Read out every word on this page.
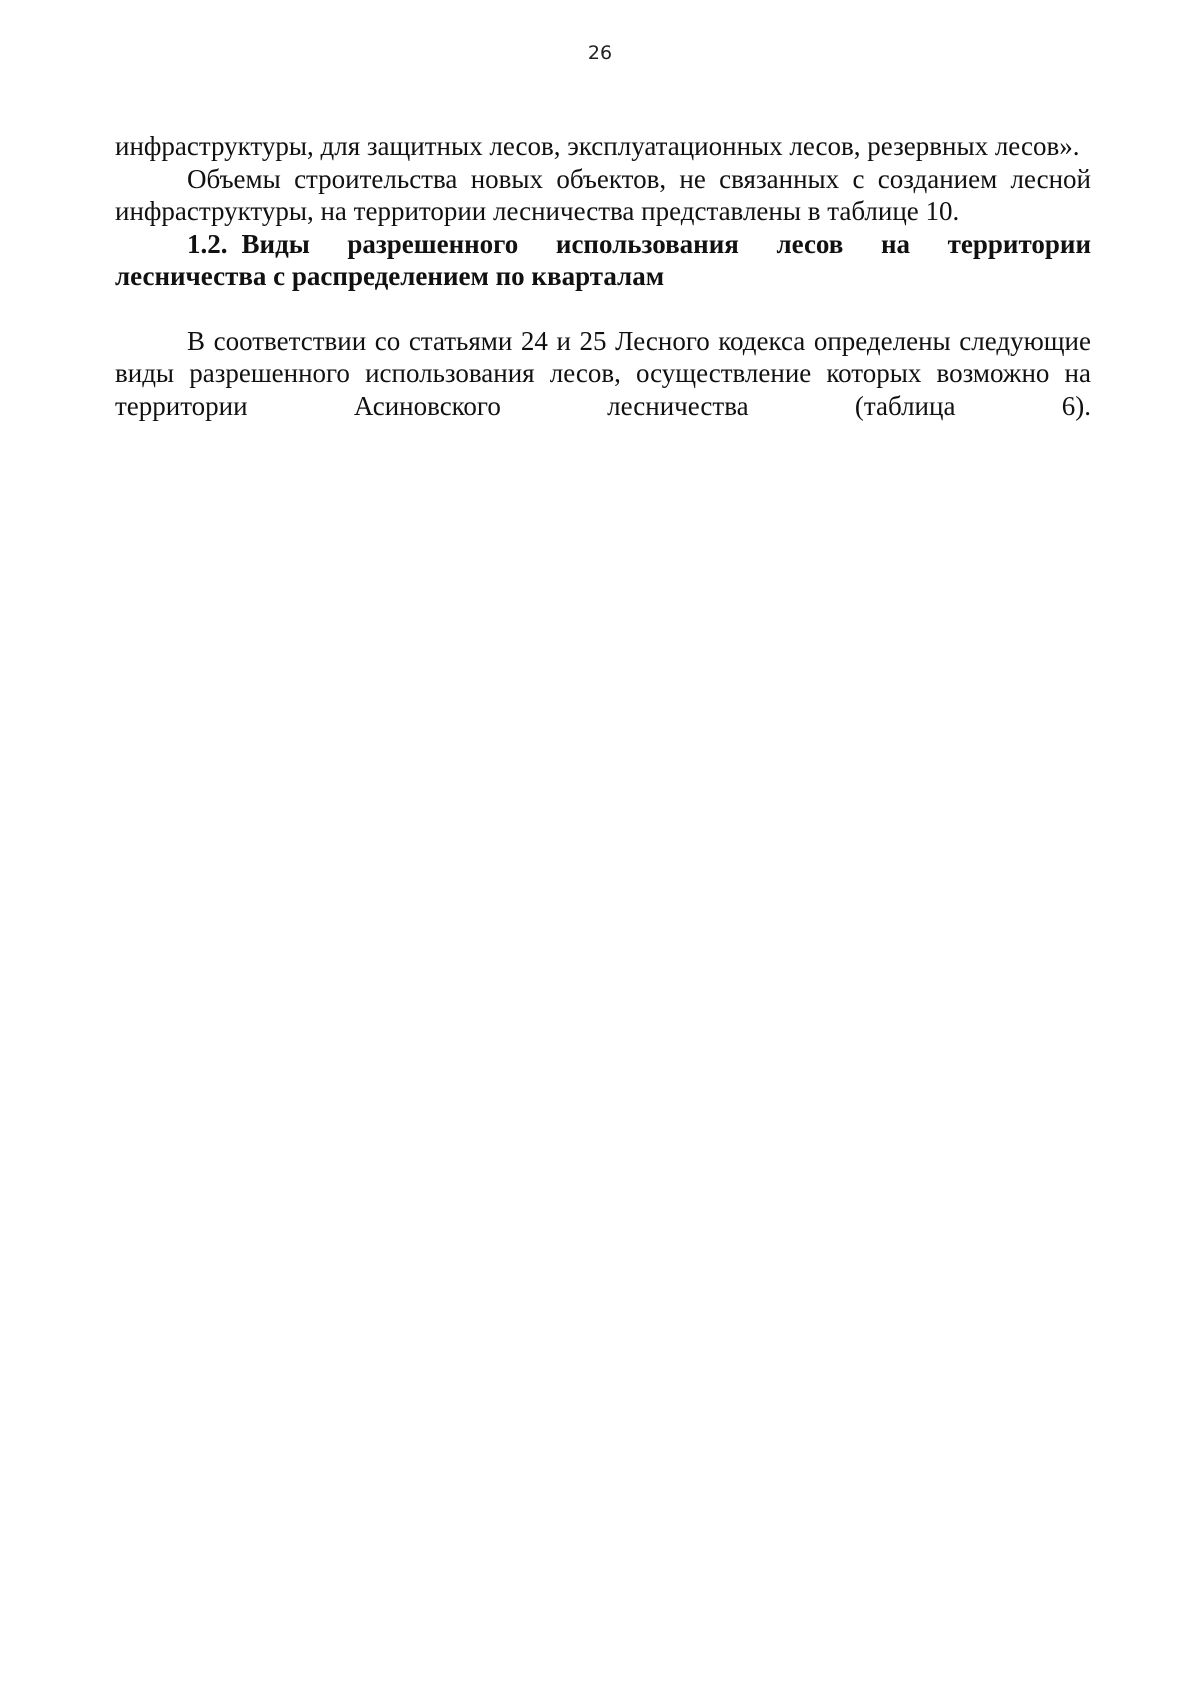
26

инфраструктуры, для защитных лесов, эксплуатационных лесов, резервных лесов».

Объемы строительства новых объектов, не связанных с созданием лесной инфраструктуры, на территории лесничества представлены в таблице 10.

1.2. Виды разрешенного использования лесов на территории лесничества с распределением по кварталам

В соответствии со статьями 24 и 25 Лесного кодекса определены следующие виды разрешенного использования лесов, осуществление которых возможно на территории Асиновского лесничества (таблица 6).
